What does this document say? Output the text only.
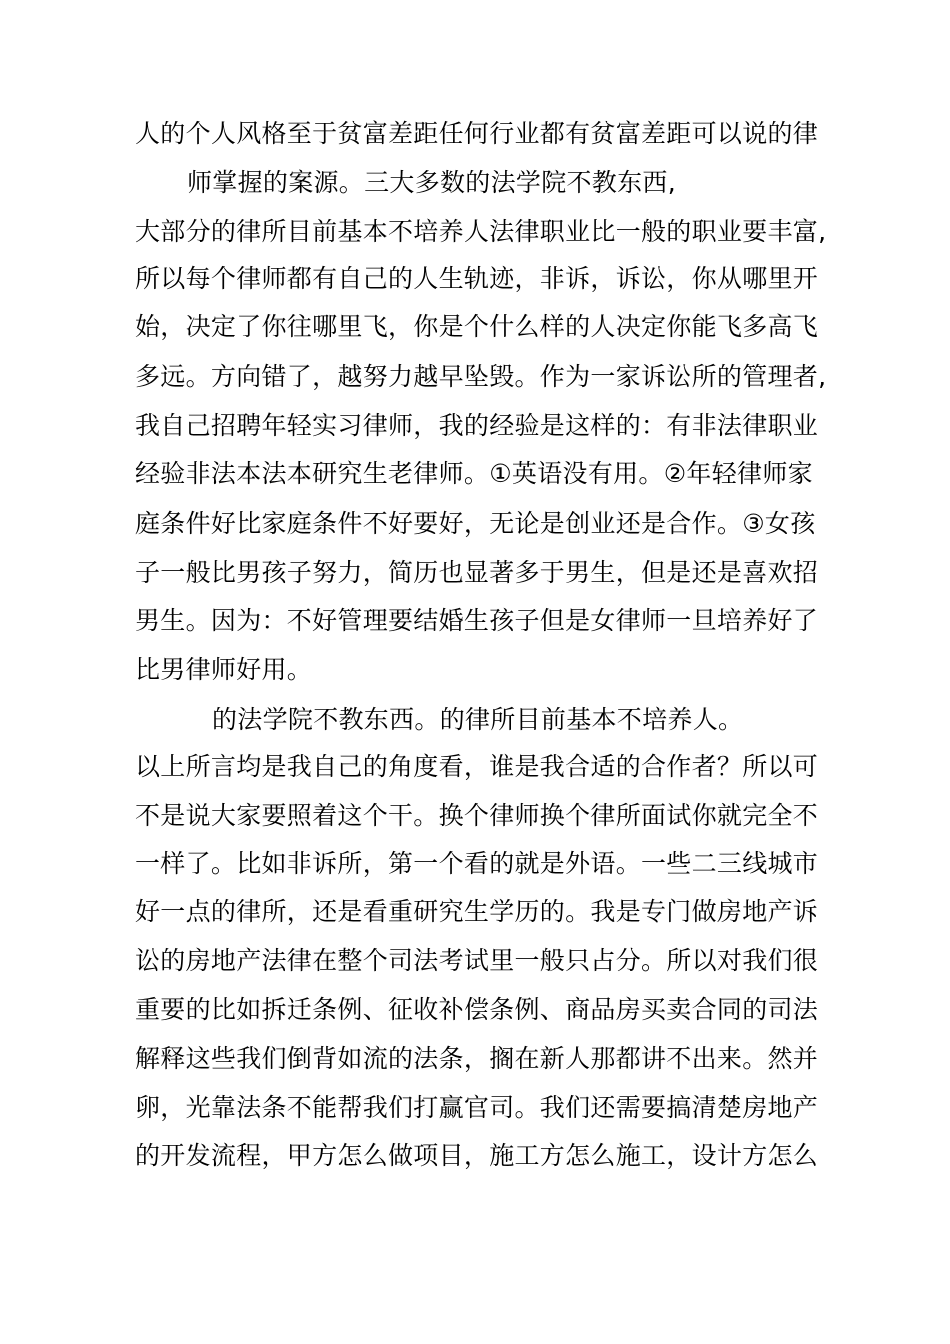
人的个人风格至于贫富差距任何行业都有贫富差距可以说的律
师掌握的案源。三大多数的法学院不教东西,
大部分的律所目前基本不培养人法律职业比一般的职业要丰富,
所以每个律师都有自己的人生轨迹，非诉，诉讼，你从哪里开
始，决定了你往哪里飞，你是个什么样的人决定你能飞多高飞
多远。方向错了，越努力越早坠毁。作为一家诉讼所的管理者,
我自己招聘年轻实习律师，我的经验是这样的：有非法律职业
经验非法本法本研究生老律师。①英语没有用。②年轻律师家
庭条件好比家庭条件不好要好，无论是创业还是合作。③女孩
子一般比男孩子努力，简历也显著多于男生，但是还是喜欢招
男生。因为：不好管理要结婚生孩子但是女律师一旦培养好了
比男律师好用。
的法学院不教东西。的律所目前基本不培养人。
以上所言均是我自己的角度看，谁是我合适的合作者？所以可
不是说大家要照着这个干。换个律师换个律所面试你就完全不
一样了。比如非诉所，第一个看的就是外语。一些二三线城市
好一点的律所，还是看重研究生学历的。我是专门做房地产诉
讼的房地产法律在整个司法考试里一般只占分。所以对我们很
重要的比如拆迁条例、征收补偿条例、商品房买卖合同的司法
解释这些我们倒背如流的法条，搁在新人那都讲不出来。然并
卵，光靠法条不能帮我们打赢官司。我们还需要搞清楚房地产
的开发流程，甲方怎么做项目，施工方怎么施工，设计方怎么
